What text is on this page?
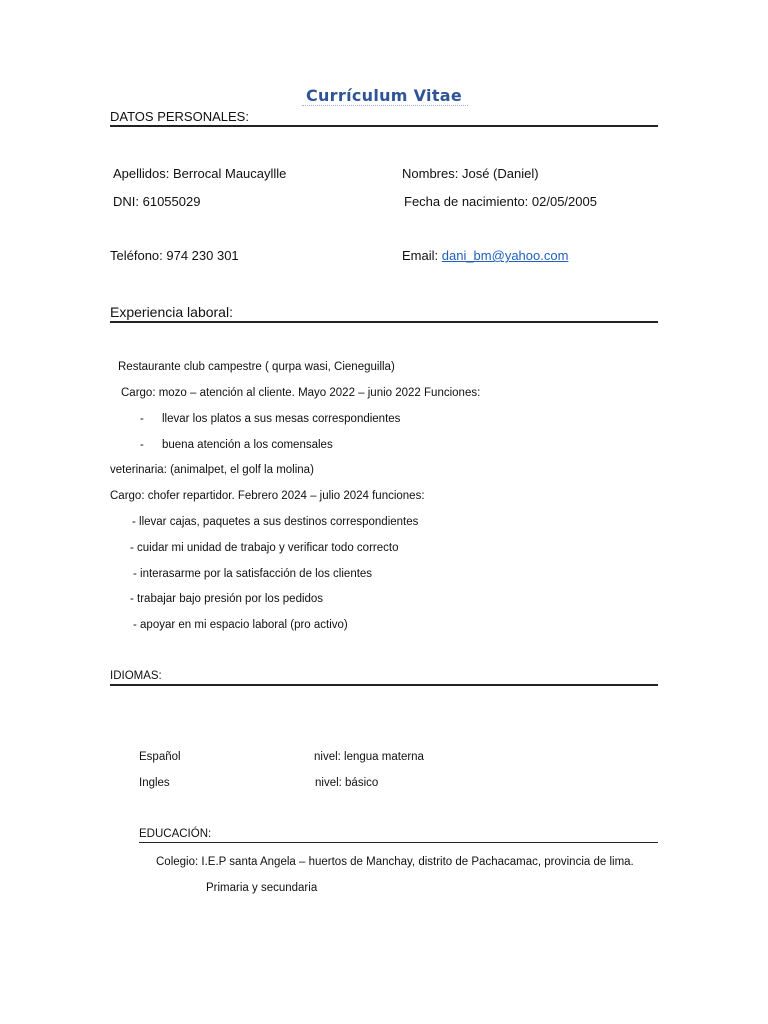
Currículum Vitae
DATOS PERSONALES:
Apellidos: Berrocal Maucayllle	Nombres: José (Daniel)
DNI: 61055029	Fecha de nacimiento: 02/05/2005
Teléfono: 974 230 301	Email: dani_bm@yahoo.com
Experiencia laboral:
Restaurante club campestre ( qurpa wasi, Cieneguilla)
Cargo: mozo – atención al cliente. Mayo 2022 – junio 2022 Funciones:
- llevar los platos a sus mesas correspondientes
- buena atención a los comensales
veterinaria: (animalpet, el golf la molina)
Cargo: chofer repartidor. Febrero 2024 – julio 2024 funciones:
- llevar cajas, paquetes a sus destinos correspondientes
- cuidar mi unidad de trabajo y verificar todo correcto
- interasarme por la satisfacción de los clientes
- trabajar bajo presión por los pedidos
- apoyar en mi espacio laboral (pro activo)
IDIOMAS:
Español	nivel: lengua materna
Ingles	nivel: básico
EDUCACIÓN:
Colegio: I.E.P santa Angela – huertos de Manchay, distrito de Pachacamac, provincia de lima.
Primaria y secundaria
